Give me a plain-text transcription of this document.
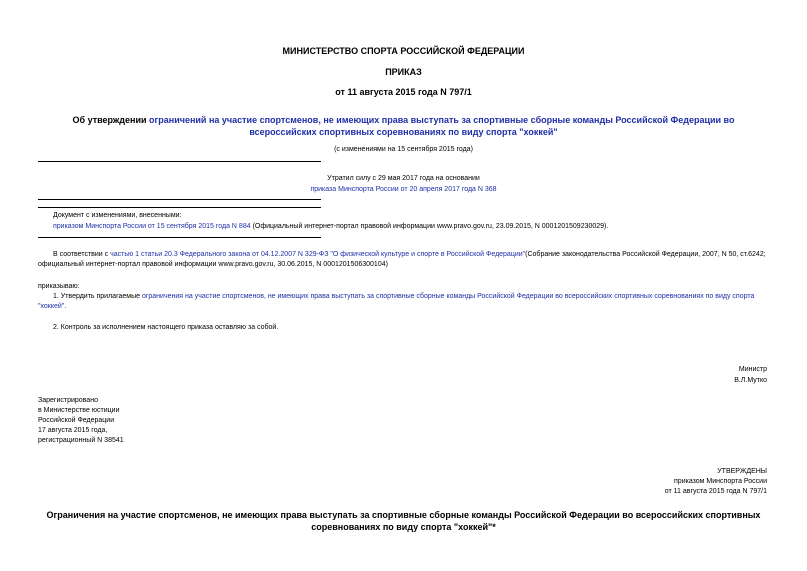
МИНИСТЕРСТВО СПОРТА РОССИЙСКОЙ ФЕДЕРАЦИИ
ПРИКАЗ
от 11 августа 2015 года N 797/1
Об утверждении ограничений на участие спортсменов, не имеющих права выступать за спортивные сборные команды Российской Федерации во всероссийских спортивных соревнованиях по виду спорта "хоккей"
(с изменениями на 15 сентября 2015 года)
Утратил силу с 29 мая 2017 года на основании
приказа Минспорта России от 20 апреля 2017 года N 368
Документ с изменениями, внесенными:
приказом Минспорта России от 15 сентября 2015 года N 884 (Официальный интернет-портал правовой информации www.pravo.gov.ru, 23.09.2015, N 0001201509230029).
В соответствии с частью 1 статьи 20.3 Федерального закона от 04.12.2007 N 329-ФЗ "О физической культуре и спорте в Российской Федерации"(Собрание законодательства Российской Федерации, 2007, N 50, ст.6242; официальный интернет-портал правовой информации www.pravo.gov.ru, 30.06.2015, N 0001201506300104)
приказываю:
1. Утвердить прилагаемые ограничения на участие спортсменов, не имеющих права выступать за спортивные сборные команды Российской Федерации во всероссийских спортивных соревнованиях по виду спорта "хоккей".
2. Контроль за исполнением настоящего приказа оставляю за собой.
Министр
В.Л.Мутко
Зарегистрировано
в Министерстве юстиции
Российской Федерации
17 августа 2015 года,
регистрационный N 38541
УТВЕРЖДЕНЫ
приказом Минспорта России
от 11 августа 2015 года N 797/1
Ограничения на участие спортсменов, не имеющих права выступать за спортивные сборные команды Российской Федерации во всероссийских спортивных соревнованиях по виду спорта "хоккей"*
